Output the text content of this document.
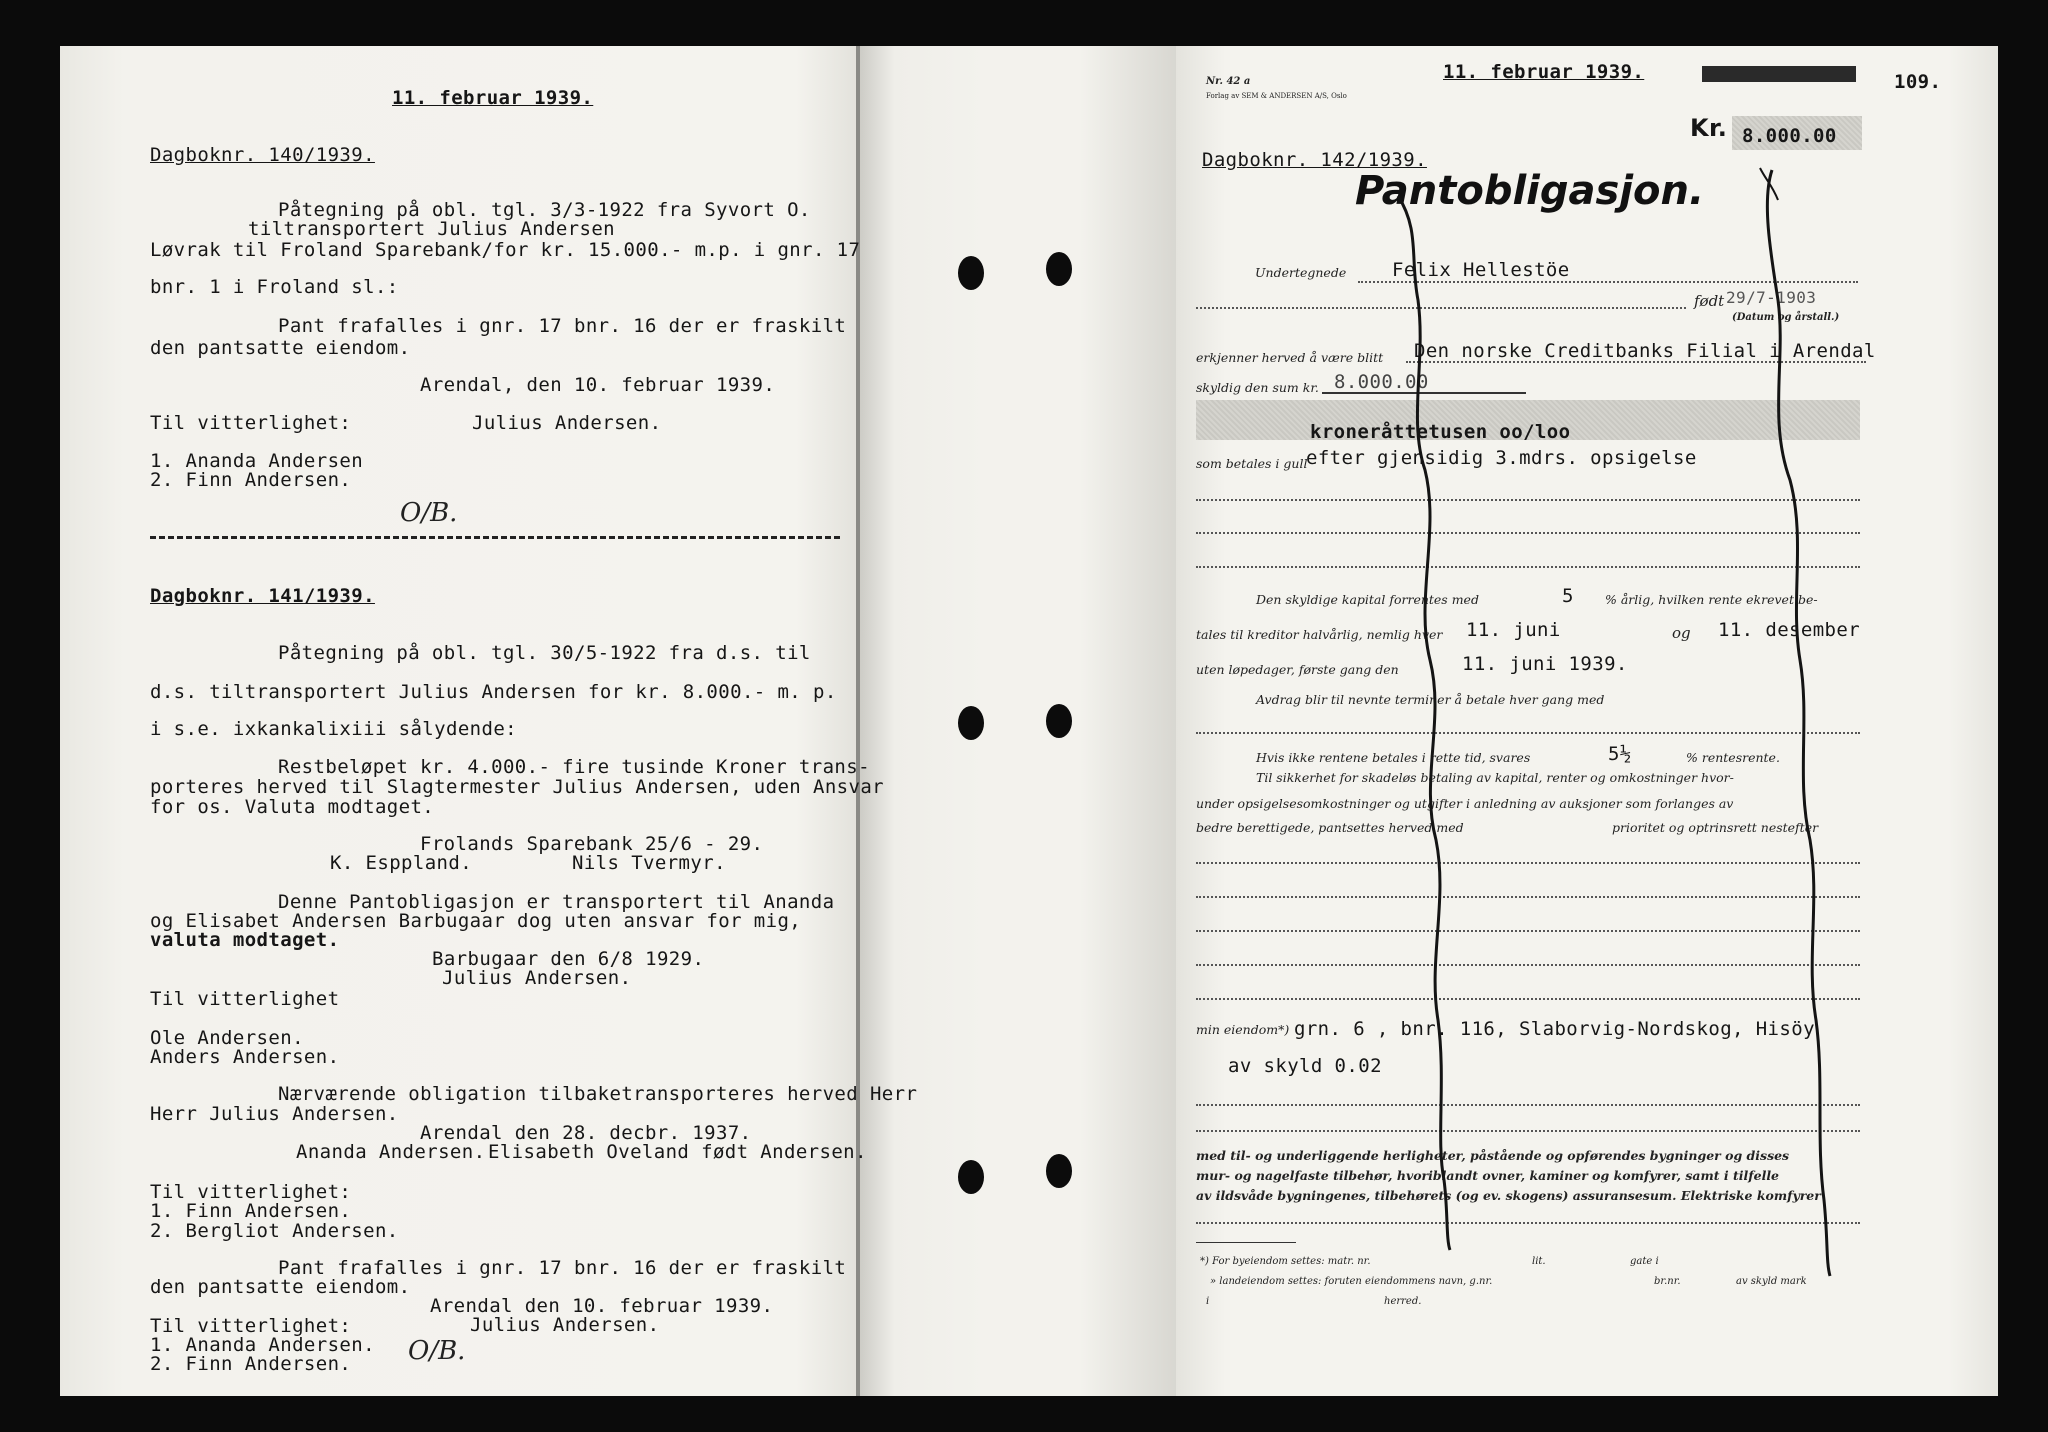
11. februar 1939.
Dagboknr. 140/1939.
Påtegning på obl. tgl. 3/3-1922 fra Syvort O.
tiltransportert Julius Andersen
Løvrak til Froland Sparebank/for kr. 15.000.- m.p. i gnr. 17
bnr. 1 i Froland sl.:
Pant frafalles i gnr. 17 bnr. 16 der er fraskilt
den pantsatte eiendom.
Arendal, den 10. februar 1939.
Til vitterlighet:	Julius Andersen.
1. Ananda Andersen
2. Finn Andersen.
O/B.
Dagboknr. 141/1939.
Påtegning på obl. tgl. 30/5-1922 fra d.s. til
d.s. tiltransportert Julius Andersen for kr. 8.000.- m. p.
i s.e. ixkankalixiii sålydende:
Restbeløpet kr. 4.000.- fire tusinde Kroner trans-
porteres herved til Slagtermester Julius Andersen, uden Ansvar
for os. Valuta modtaget.
Frolands Sparebank 25/6 - 29.
K. Esppland.	Nils Tvermyr.
Denne Pantobligasjon er transportert til Ananda
og Elisabet Andersen Barbugaar dog uten ansvar for mig,
valuta modtaget.
Barbugaar den 6/8 1929.
Julius Andersen.
Til vitterlighet
Ole Andersen.
Anders Andersen.
Nærværende obligation tilbaketransporteres herved Herr
Herr Julius Andersen.
Arendal den 28. decbr. 1937.
Ananda Andersen. Elisabeth Oveland født Andersen.
Til vitterlighet:
1. Finn Andersen.
2. Bergliot Andersen.
Pant frafalles i gnr. 17 bnr. 16 der er fraskilt
den pantsatte eiendom.
Arendal den 10. februar 1939.
Julius Andersen.
Til vitterlighet:
1. Ananda Andersen.
2. Finn Andersen. O/B.
Nr. 42 a
Forlag av SEM & ANDERSEN A/S, Oslo
11. februar 1939.	109.
Kr. 8.000.00
Dagboknr. 142/1939.
Pantobligasjon.
Undertegnede Felix Hellestöe
født 29/7-1903
(Datum og årstall.)
erkjenner herved å være blitt Den norske Creditbanks Filial i Arendal
skyldig den sum kr. 8.000.00
kroneråttetusen oo/loo
som betales i gull
efter gjensidig 3.mdrs. opsigelse
Den skyldige kapital forrentes med	5 % årlig, hvilken rente ekrevet be-
tales til kreditor halvårlig, nemlig hver 11. juni	og 11. desember
uten løpedager, første gang den	11. juni 1939.
Avdrag blir til nevnte terminer å betale hver gang med
Hvis ikke rentene betales i rette tid, svares	5½	% rentesrente.
Til sikkerhet for skadeløs betaling av kapital, renter og omkostninger hvor-
under opsigelsesomkostninger og utgifter i anledning av auksjoner som forlanges av
bedre berettigede, pantsettes herved med	prioritet og optrinsrett nestefter
min eiendom*) grn. 6 , bnr. 116, Slaborvig-Nordskog, Hisöy
av skyld 0.02
med til- og underliggende herligheter, påstående og opførendes bygninger og disses
mur- og nagelfaste tilbehør, hvoriblandt ovner, kaminer og komfyrer, samt i tilfelle
av ildsvåde bygningenes, tilbehørets (og ev. skogens) assuransesum. Elektriske komfyrer
*) For byeiendom settes: matr. nr.	lit.	gate i
» landeiendom settes: foruten eiendommens navn, g.nr.	br.nr.	av skyld mark
i	herred.
